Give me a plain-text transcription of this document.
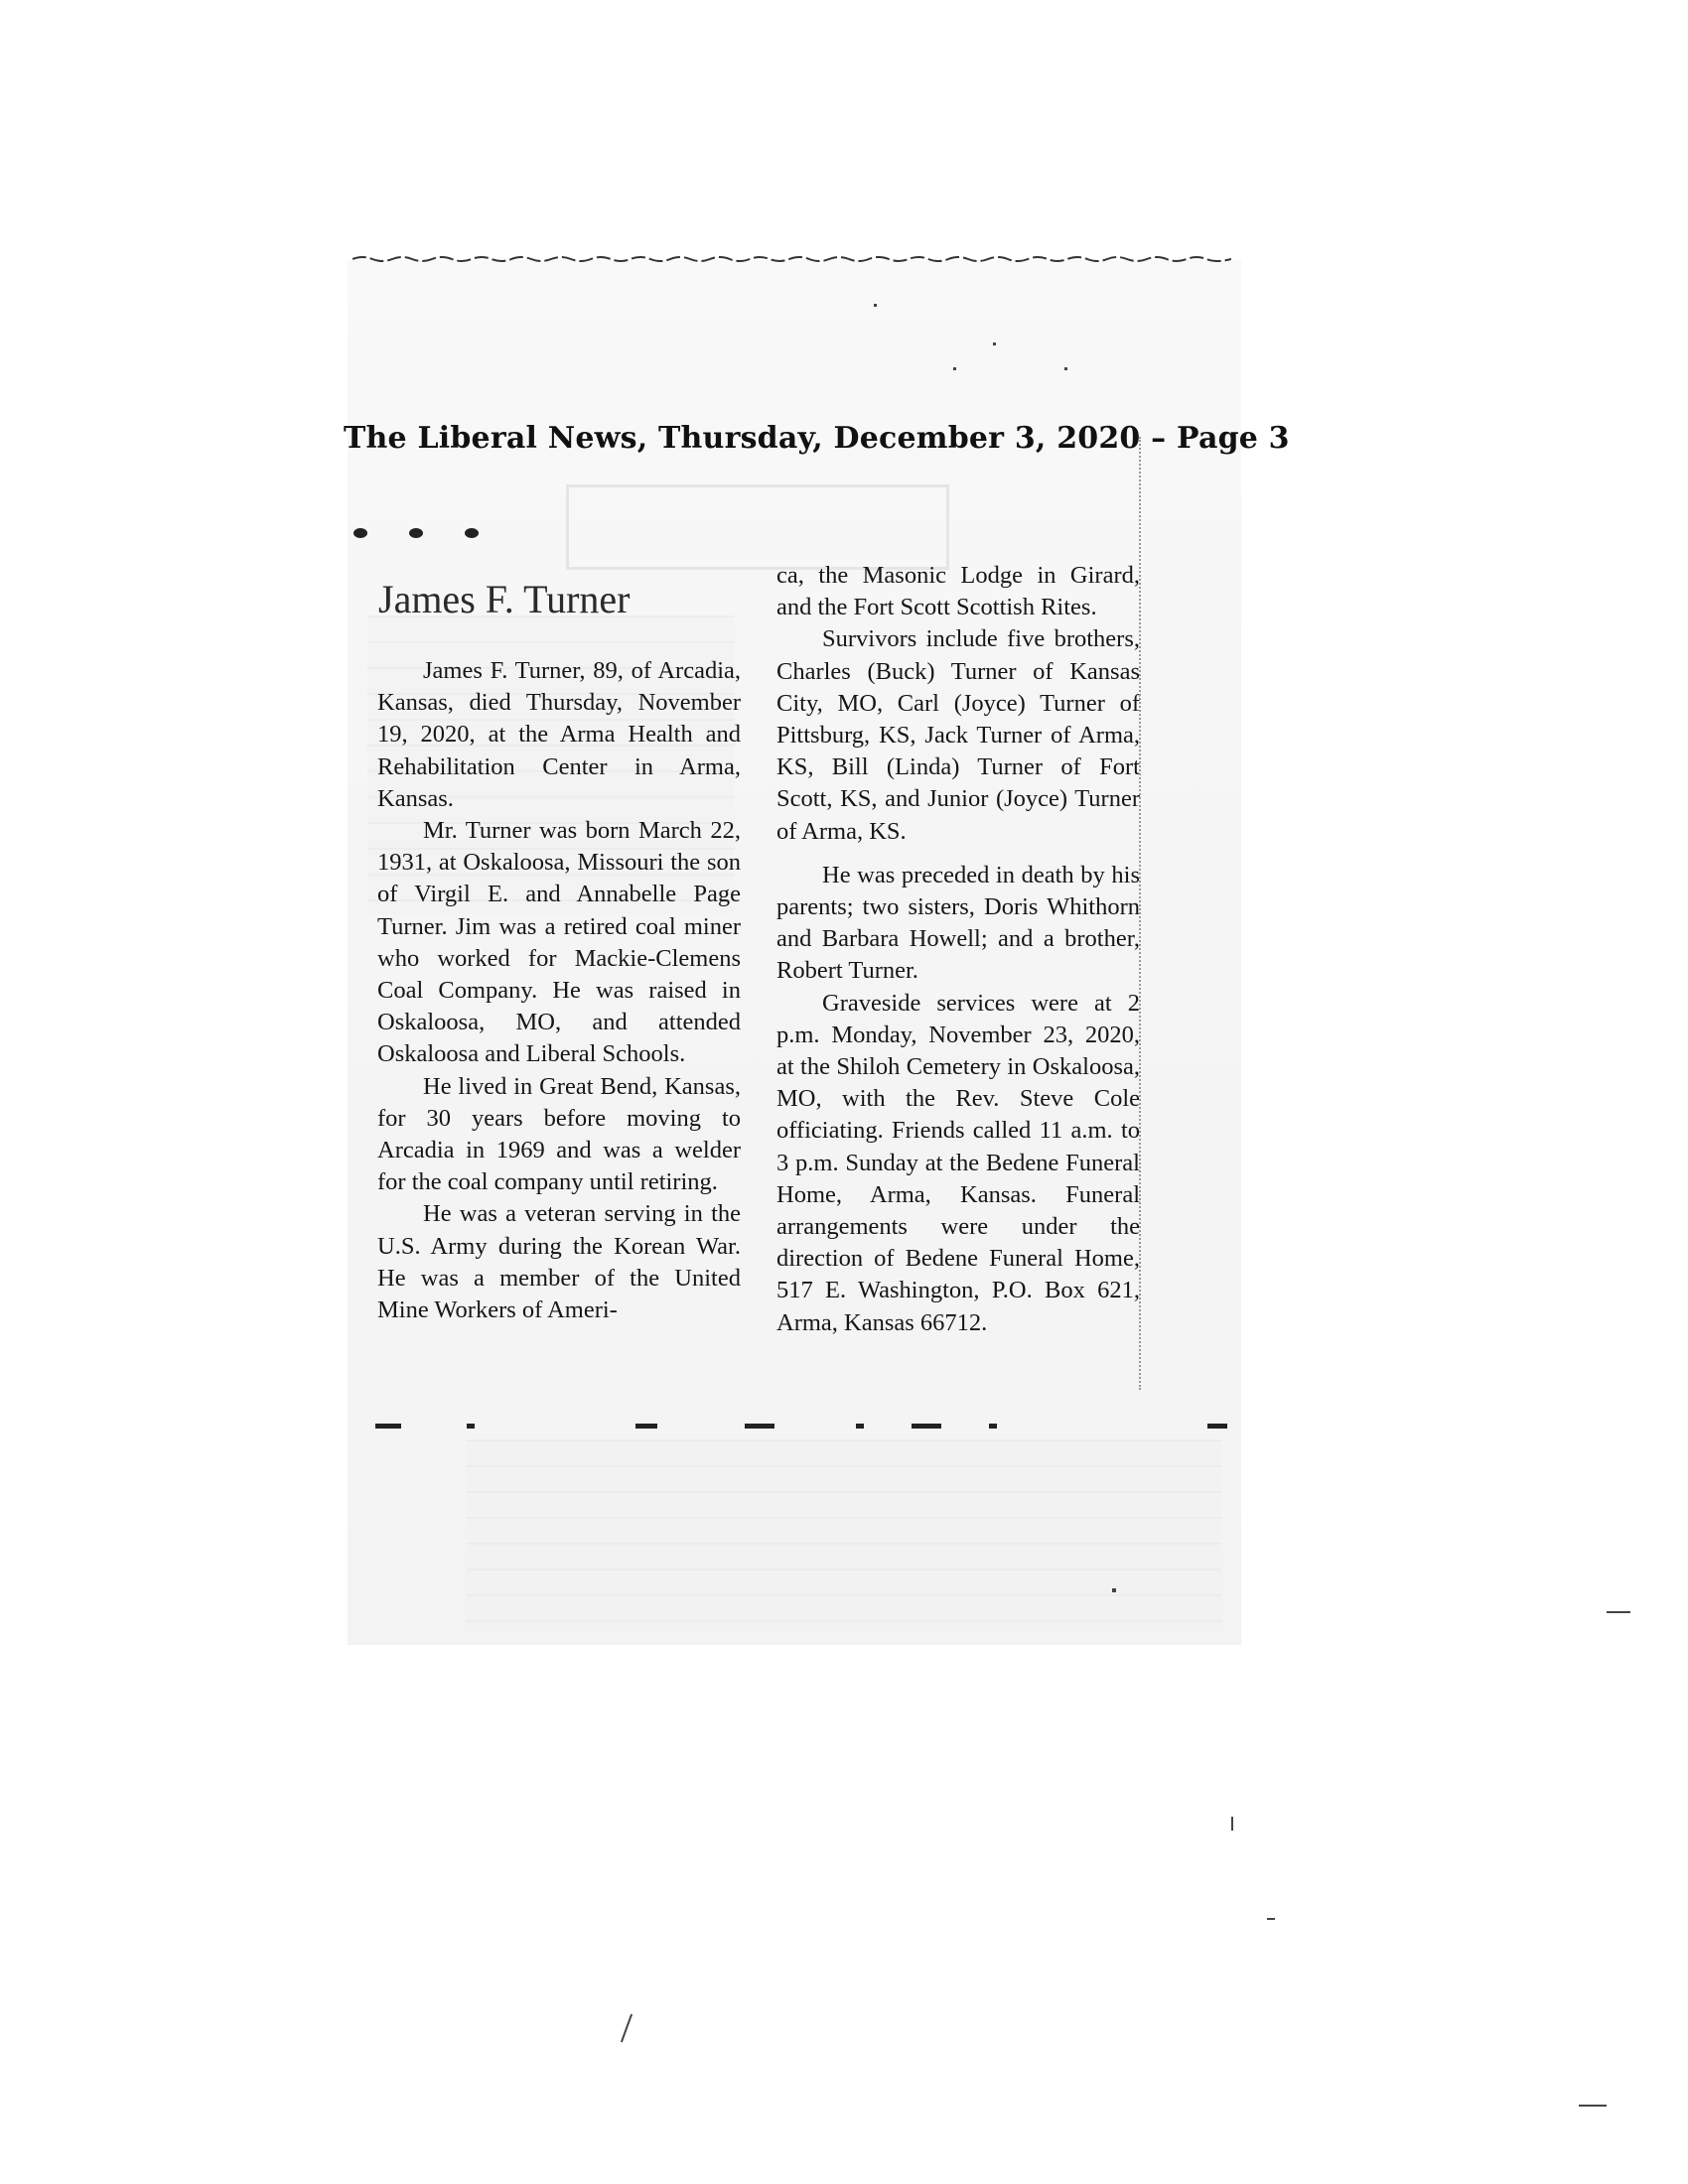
The Liberal News, Thursday, December 3, 2020 – Page 3
James F. Turner

James F. Turner, 89, of Arcadia, Kansas, died Thursday, November 19, 2020, at the Arma Health and Rehabilitation Center in Arma, Kansas.

Mr. Turner was born March 22, 1931, at Oskaloosa, Missouri the son of Virgil E. and Annabelle Page Turner. Jim was a retired coal miner who worked for Mackie-Clemens Coal Company. He was raised in Oskaloosa, MO, and attended Oskaloosa and Liberal Schools.

He lived in Great Bend, Kansas, for 30 years before moving to Arcadia in 1969 and was a welder for the coal company until retiring.

He was a veteran serving in the U.S. Army during the Korean War. He was a member of the United Mine Workers of Ameri-

ca, the Masonic Lodge in Girard, and the Fort Scott Scottish Rites.

Survivors include five brothers, Charles (Buck) Turner of Kansas City, MO, Carl (Joyce) Turner of Pittsburg, KS, Jack Turner of Arma, KS, Bill (Linda) Turner of Fort Scott, KS, and Junior (Joyce) Turner of Arma, KS.

He was preceded in death by his parents; two sisters, Doris Whithorn and Barbara Howell; and a brother, Robert Turner.

Graveside services were at 2 p.m. Monday, November 23, 2020, at the Shiloh Cemetery in Oskaloosa, MO, with the Rev. Steve Cole officiating. Friends called 11 a.m. to 3 p.m. Sunday at the Bedene Funeral Home, Arma, Kansas. Funeral arrangements were under the direction of Bedene Funeral Home, 517 E. Washington, P.O. Box 621, Arma, Kansas 66712.
